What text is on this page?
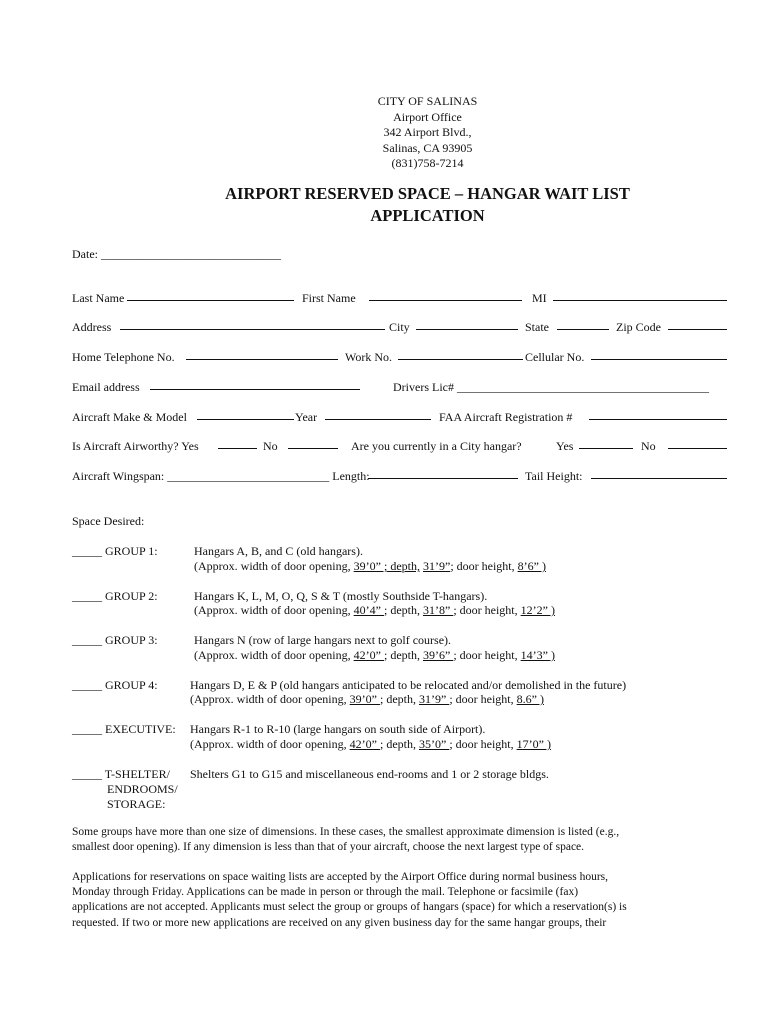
CITY OF SALINAS
Airport Office
342 Airport Blvd.,
Salinas, CA 93905
(831)758-7214
AIRPORT RESERVED SPACE – HANGAR WAIT LIST
APPLICATION
Date: ______________________________
Last Name	First Name	MI
Address	City	State	Zip Code
Home Telephone No.	Work No.	Cellular No.
Email address	Drivers Lic# __________________________________________
Aircraft Make & Model	Year	FAA Aircraft Registration #
Is Aircraft Airworthy? Yes	No	Are you currently in a City hangar?	Yes	No
Aircraft Wingspan: ___________________________ Length:	Tail Height:
Space Desired:
_____ GROUP 1:	Hangars A, B, and C (old hangars).
(Approx. width of door opening, 39’0” ; depth, 31’9”; door height, 8’6” )
_____ GROUP 2:	Hangars K, L, M, O, Q, S & T (mostly Southside T-hangars).
(Approx. width of door opening, 40’4” ; depth, 31’8” ; door height, 12’2” )
_____ GROUP 3:	Hangars N (row of large hangars next to golf course).
(Approx. width of door opening, 42’0” ; depth, 39’6” ; door height, 14’3” )
_____ GROUP 4:	Hangars D, E & P (old hangars anticipated to be relocated and/or demolished in the future)
(Approx. width of door opening, 39’0” ; depth, 31’9” ; door height, 8.6” )
_____ EXECUTIVE: Hangars R-1 to R-10 (large hangars on south side of Airport).
(Approx. width of door opening, 42’0” ; depth, 35’0” ; door height, 17’0” )
_____ T-SHELTER/
ENDROOMS/
STORAGE:
Shelters G1 to G15 and miscellaneous end-rooms and 1 or 2 storage bldgs.
Some groups have more than one size of dimensions. In these cases, the smallest approximate dimension is listed (e.g.,
smallest door opening). If any dimension is less than that of your aircraft, choose the next largest type of space.
Applications for reservations on space waiting lists are accepted by the Airport Office during normal business hours,
Monday through Friday. Applications can be made in person or through the mail. Telephone or facsimile (fax)
applications are not accepted. Applicants must select the group or groups of hangars (space) for which a reservation(s) is
requested. If two or more new applications are received on any given business day for the same hangar groups, their
